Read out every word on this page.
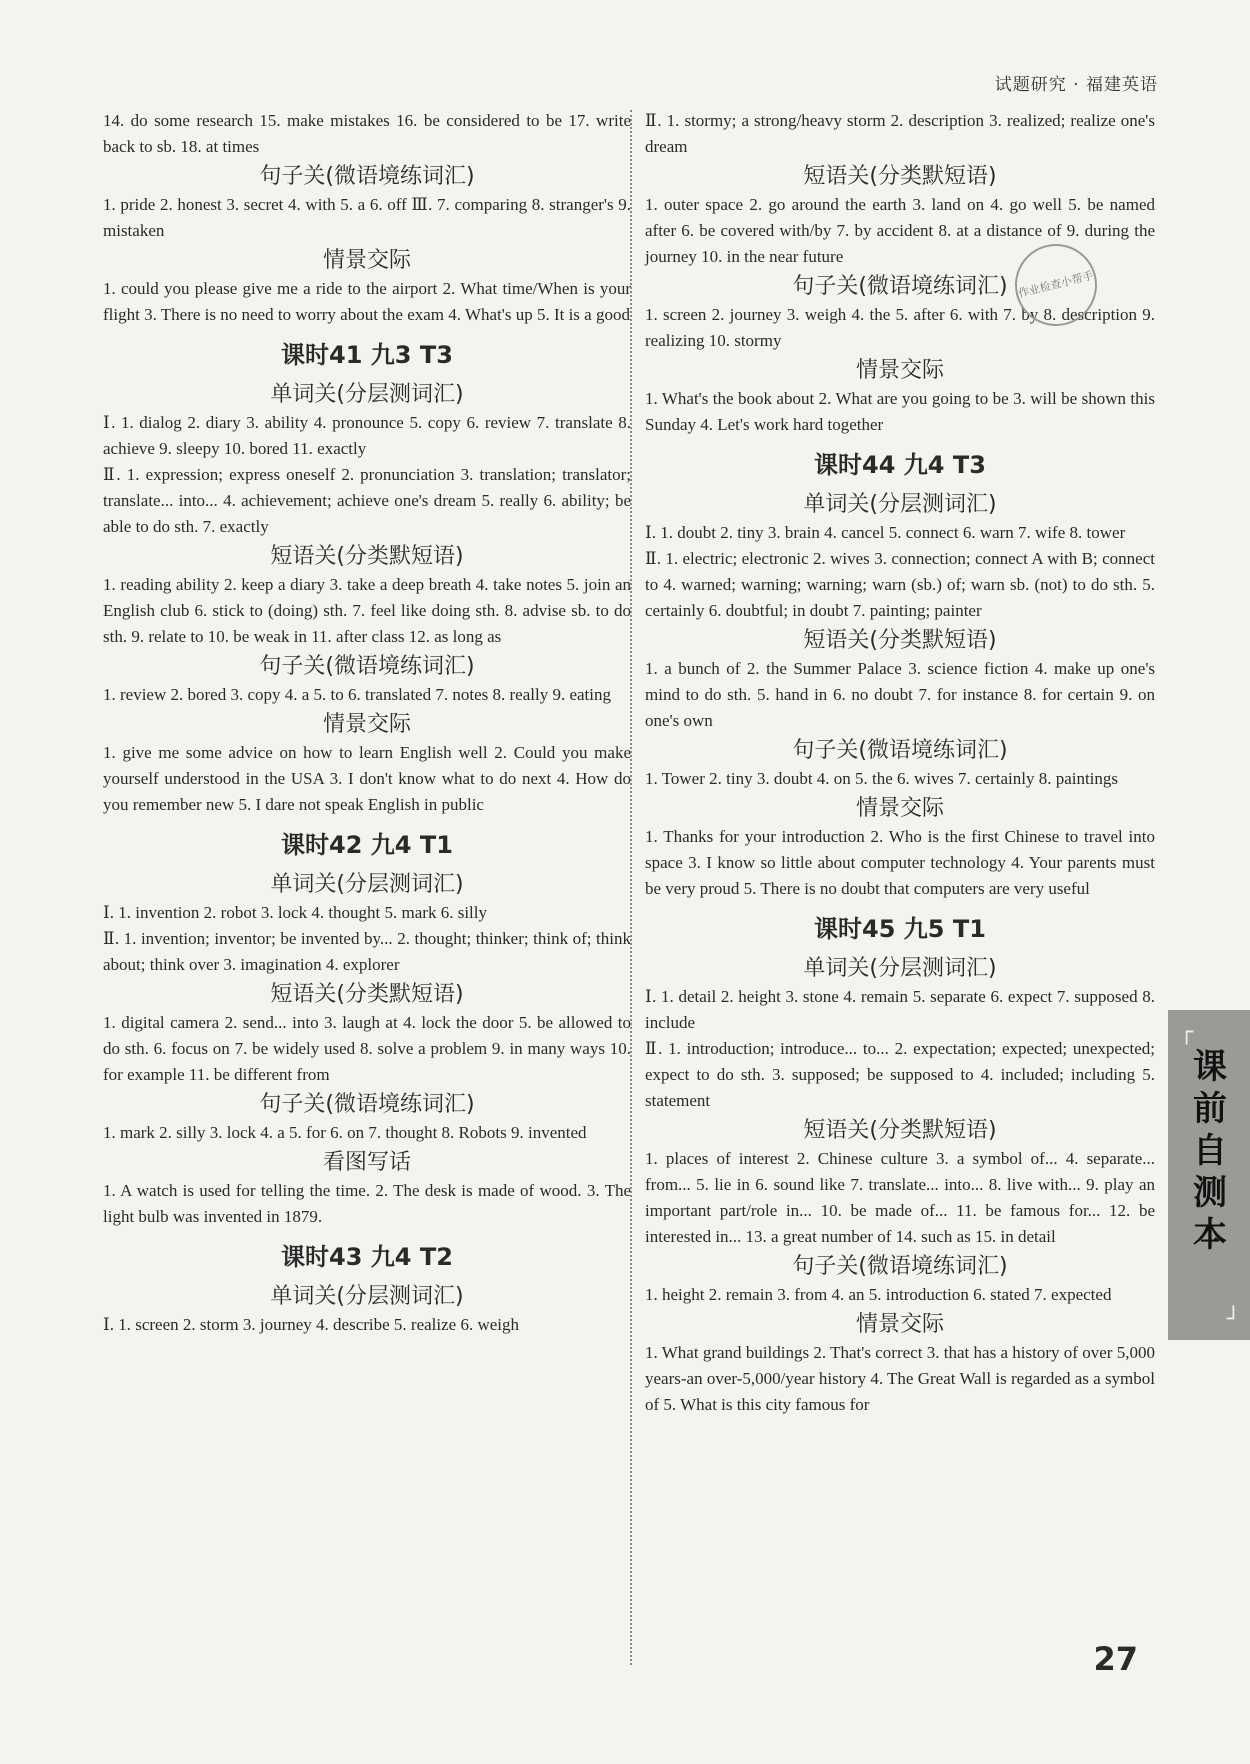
试题研究 · 福建英语
14. do some research 15. make mistakes 16. be considered to be 17. write back to sb. 18. at times
句子关(微语境练词汇)
1. pride 2. honest 3. secret 4. with 5. a 6. off Ⅲ. 7. comparing 8. stranger's 9. mistaken
情景交际
1. could you please give me a ride to the airport 2. What time/When is your flight 3. There is no need to worry about the exam 4. What's up 5. It is a good
课时41 九3 T3
单词关(分层测词汇)
Ⅰ. 1. dialog 2. diary 3. ability 4. pronounce 5. copy 6. review 7. translate 8. achieve 9. sleepy 10. bored 11. exactly
Ⅱ. 1. expression; express oneself 2. pronunciation 3. translation; translator; translate... into... 4. achievement; achieve one's dream 5. really 6. ability; be able to do sth. 7. exactly
短语关(分类默短语)
1. reading ability 2. keep a diary 3. take a deep breath 4. take notes 5. join an English club 6. stick to (doing) sth. 7. feel like doing sth. 8. advise sb. to do sth. 9. relate to 10. be weak in 11. after class 12. as long as
句子关(微语境练词汇)
1. review 2. bored 3. copy 4. a 5. to 6. translated 7. notes 8. really 9. eating
情景交际
1. give me some advice on how to learn English well 2. Could you make yourself understood in the USA 3. I don't know what to do next 4. How do you remember new 5. I dare not speak English in public
课时42 九4 T1
单词关(分层测词汇)
Ⅰ. 1. invention 2. robot 3. lock 4. thought 5. mark 6. silly
Ⅱ. 1. invention; inventor; be invented by... 2. thought; thinker; think of; think about; think over 3. imagination 4. explorer
短语关(分类默短语)
1. digital camera 2. send... into 3. laugh at 4. lock the door 5. be allowed to do sth. 6. focus on 7. be widely used 8. solve a problem 9. in many ways 10. for example 11. be different from
句子关(微语境练词汇)
1. mark 2. silly 3. lock 4. a 5. for 6. on 7. thought 8. Robots 9. invented
看图写话
1. A watch is used for telling the time. 2. The desk is made of wood. 3. The light bulb was invented in 1879.
课时43 九4 T2
单词关(分层测词汇)
Ⅰ. 1. screen 2. storm 3. journey 4. describe 5. realize 6. weigh
Ⅱ. 1. stormy; a strong/heavy storm 2. description 3. realized; realize one's dream
短语关(分类默短语)
1. outer space 2. go around the earth 3. land on 4. go well 5. be named after 6. be covered with/by 7. by accident 8. at a distance of 9. during the journey 10. in the near future
句子关(微语境练词汇)
1. screen 2. journey 3. weigh 4. the 5. after 6. with 7. by 8. description 9. realizing 10. stormy
情景交际
1. What's the book about 2. What are you going to be 3. will be shown this Sunday 4. Let's work hard together
课时44 九4 T3
单词关(分层测词汇)
Ⅰ. 1. doubt 2. tiny 3. brain 4. cancel 5. connect 6. warn 7. wife 8. tower
Ⅱ. 1. electric; electronic 2. wives 3. connection; connect A with B; connect to 4. warned; warning; warning; warn (sb.) of; warn sb. (not) to do sth. 5. certainly 6. doubtful; in doubt 7. painting; painter
短语关(分类默短语)
1. a bunch of 2. the Summer Palace 3. science fiction 4. make up one's mind to do sth. 5. hand in 6. no doubt 7. for instance 8. for certain 9. on one's own
句子关(微语境练词汇)
1. Tower 2. tiny 3. doubt 4. on 5. the 6. wives 7. certainly 8. paintings
情景交际
1. Thanks for your introduction 2. Who is the first Chinese to travel into space 3. I know so little about computer technology 4. Your parents must be very proud 5. There is no doubt that computers are very useful
课时45 九5 T1
单词关(分层测词汇)
Ⅰ. 1. detail 2. height 3. stone 4. remain 5. separate 6. expect 7. supposed 8. include
Ⅱ. 1. introduction; introduce... to... 2. expectation; expected; unexpected; expect to do sth. 3. supposed; be supposed to 4. included; including 5. statement
短语关(分类默短语)
1. places of interest 2. Chinese culture 3. a symbol of... 4. separate... from... 5. lie in 6. sound like 7. translate... into... 8. live with... 9. play an important part/role in... 10. be made of... 11. be famous for... 12. be interested in... 13. a great number of 14. such as 15. in detail
句子关(微语境练词汇)
1. height 2. remain 3. from 4. an 5. introduction 6. stated 7. expected
情景交际
1. What grand buildings 2. That's correct 3. that has a history of over 5,000 years-an over-5,000/year history 4. The Great Wall is regarded as a symbol of 5. What is this city famous for
作业检查小帮手
┌
课
前
自
测
本
┘
27
